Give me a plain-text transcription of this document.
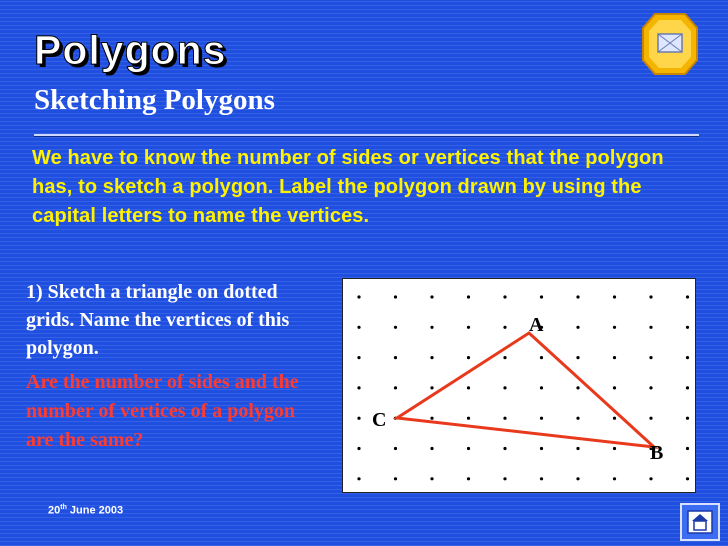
Polygons
Sketching Polygons

We have to know the number of sides or vertices that the polygon has, to sketch a polygon. Label the polygon drawn by using the capital letters to name the vertices.

1) Sketch a triangle on dotted grids. Name the vertices of this polygon.

Are the number of sides and the number of vertices of a polygon are the same?

A
B
C

20th June 2003
